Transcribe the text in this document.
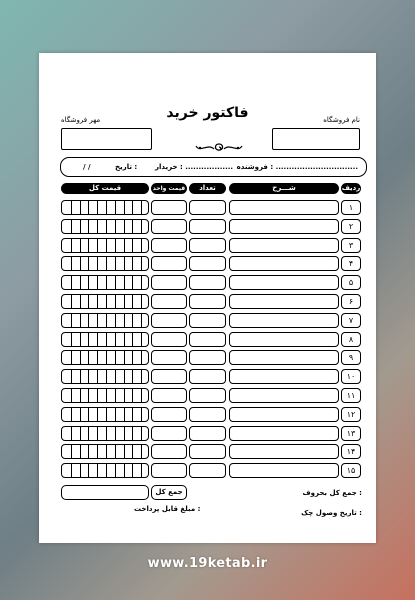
فاکتور خرید	نام فروشگاه
مهر فروشگاه
فروشنده : ...............................
خریدار : ..................
تاریخ :
/ /
ردیف
شـــرح
تعداد
قیمت واحد
قیمت کل
۱
۲
۳
۴
۵
۶
۷
۸
۹
۱۰
۱۱
۱۲
۱۳
۱۴
۱۵
جمع کل بحروف :
جمع کل
تاریخ وصول چک :
مبلغ قابل پرداخت :
www.19ketab.ir
